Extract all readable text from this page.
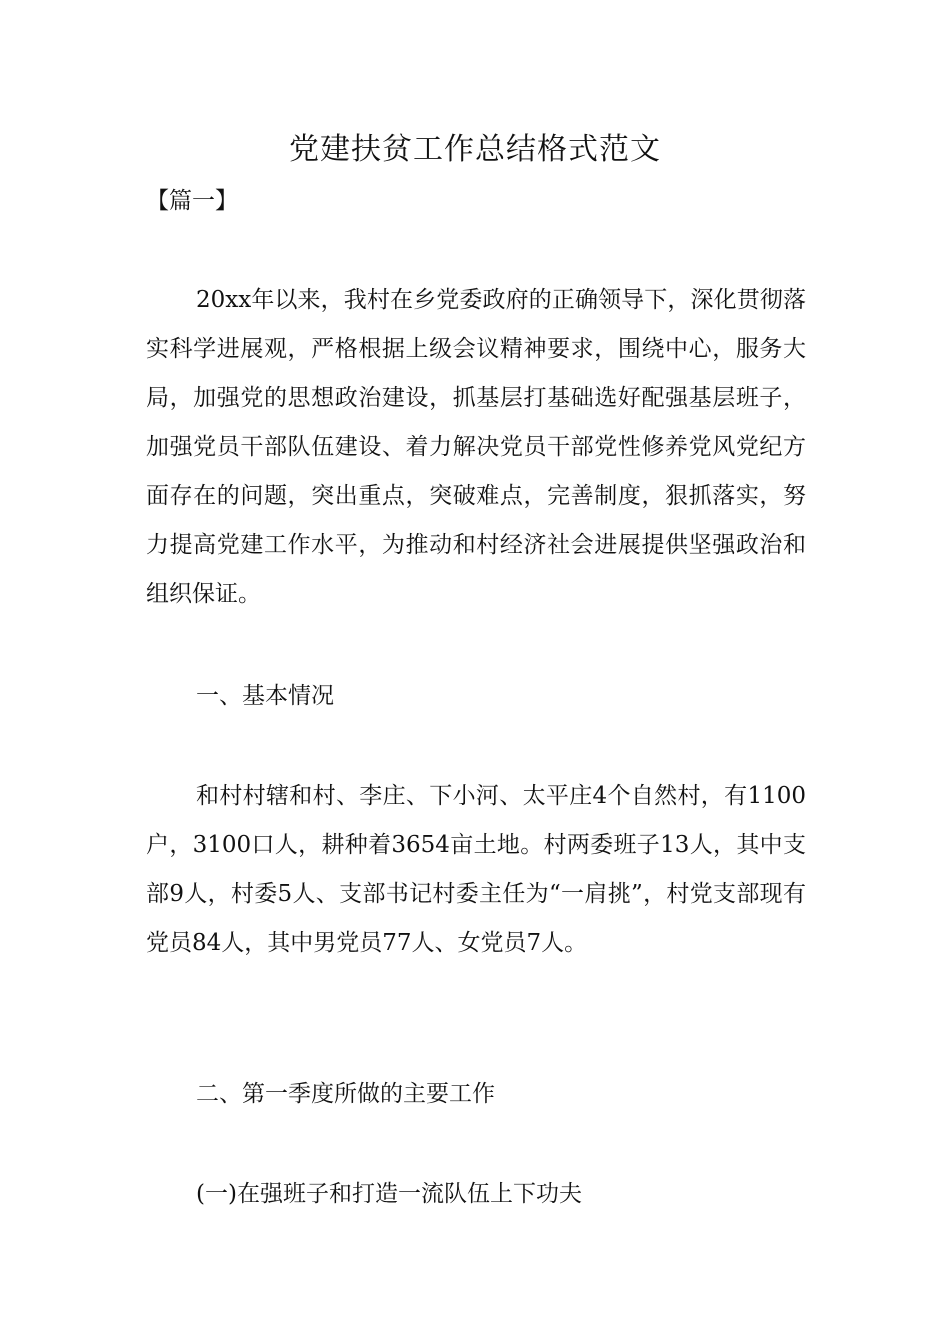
党建扶贫工作总结格式范文
【篇一】

20xx年以来，我村在乡党委政府的正确领导下，深化贯彻落实科学进展观，严格根据上级会议精神要求，围绕中心，服务大局，加强党的思想政治建设，抓基层打基础选好配强基层班子，加强党员干部队伍建设、着力解决党员干部党性修养党风党纪方面存在的问题，突出重点，突破难点，完善制度，狠抓落实，努力提高党建工作水平，为推动和村经济社会进展提供坚强政治和组织保证。

一、基本情况

和村村辖和村、李庄、下小河、太平庄4个自然村，有1100户，3100口人，耕种着3654亩土地。村两委班子13人，其中支部9人，村委5人、支部书记村委主任为“一肩挑”，村党支部现有党员84人，其中男党员77人、女党员7人。

二、第一季度所做的主要工作

(一)在强班子和打造一流队伍上下功夫
